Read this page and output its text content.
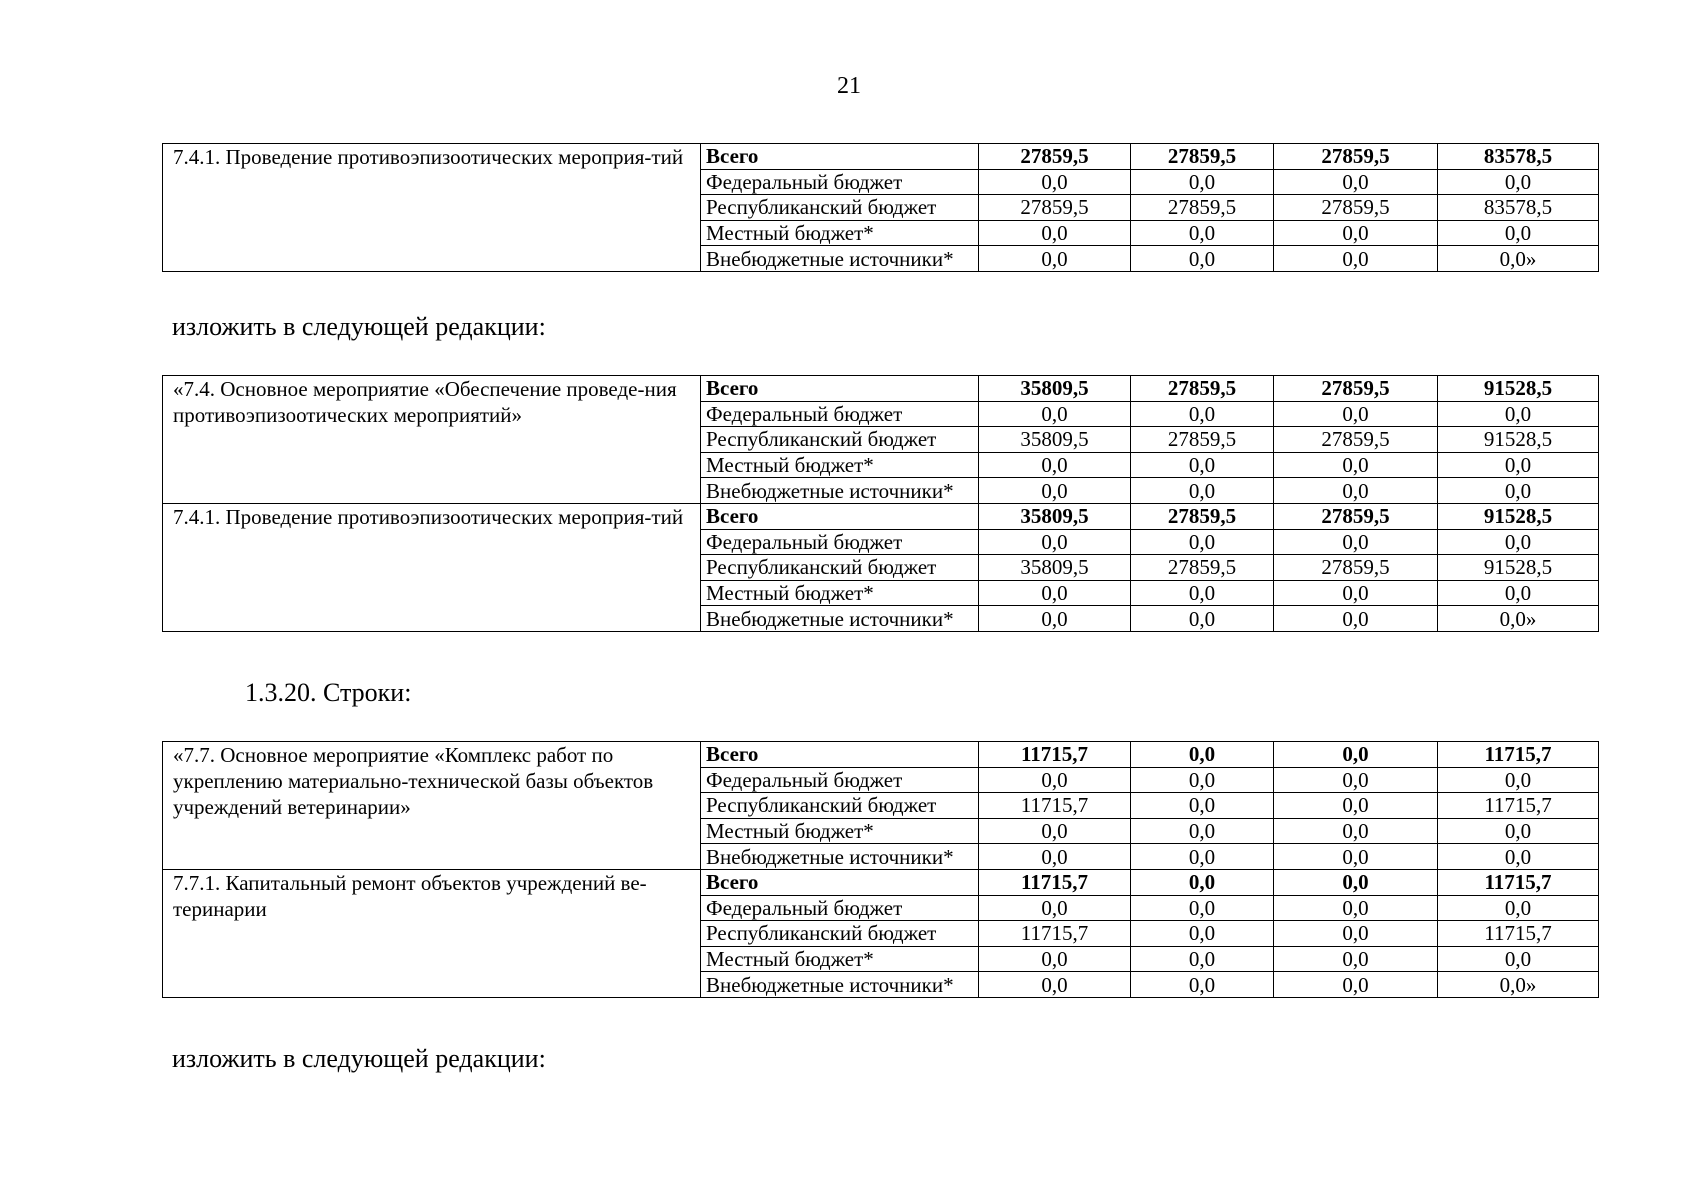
21
7.4.1. Проведение противоэпизоотических мероприя-тий	Всего	27859,5	27859,5	27859,5	83578,5
	Федеральный бюджет	0,0	0,0	0,0	0,0
	Республиканский бюджет	27859,5	27859,5	27859,5	83578,5
	Местный бюджет*	0,0	0,0	0,0	0,0
	Внебюджетные источники*	0,0	0,0	0,0	0,0»
изложить в следующей редакции:
«7.4. Основное мероприятие «Обеспечение проведе-ния противоэпизоотических мероприятий»	Всего	35809,5	27859,5	27859,5	91528,5
	Федеральный бюджет	0,0	0,0	0,0	0,0
	Республиканский бюджет	35809,5	27859,5	27859,5	91528,5
	Местный бюджет*	0,0	0,0	0,0	0,0
	Внебюджетные источники*	0,0	0,0	0,0	0,0
7.4.1. Проведение противоэпизоотических мероприя-тий	Всего	35809,5	27859,5	27859,5	91528,5
	Федеральный бюджет	0,0	0,0	0,0	0,0
	Республиканский бюджет	35809,5	27859,5	27859,5	91528,5
	Местный бюджет*	0,0	0,0	0,0	0,0
	Внебюджетные источники*	0,0	0,0	0,0	0,0»
1.3.20. Строки:
«7.7. Основное мероприятие «Комплекс работ по укреплению материально-технической базы объектов учреждений ветеринарии»	Всего	11715,7	0,0	0,0	11715,7
	Федеральный бюджет	0,0	0,0	0,0	0,0
	Республиканский бюджет	11715,7	0,0	0,0	11715,7
	Местный бюджет*	0,0	0,0	0,0	0,0
	Внебюджетные источники*	0,0	0,0	0,0	0,0
7.7.1. Капитальный ремонт объектов учреждений ве-теринарии	Всего	11715,7	0,0	0,0	11715,7
	Федеральный бюджет	0,0	0,0	0,0	0,0
	Республиканский бюджет	11715,7	0,0	0,0	11715,7
	Местный бюджет*	0,0	0,0	0,0	0,0
	Внебюджетные источники*	0,0	0,0	0,0	0,0»
изложить в следующей редакции:
